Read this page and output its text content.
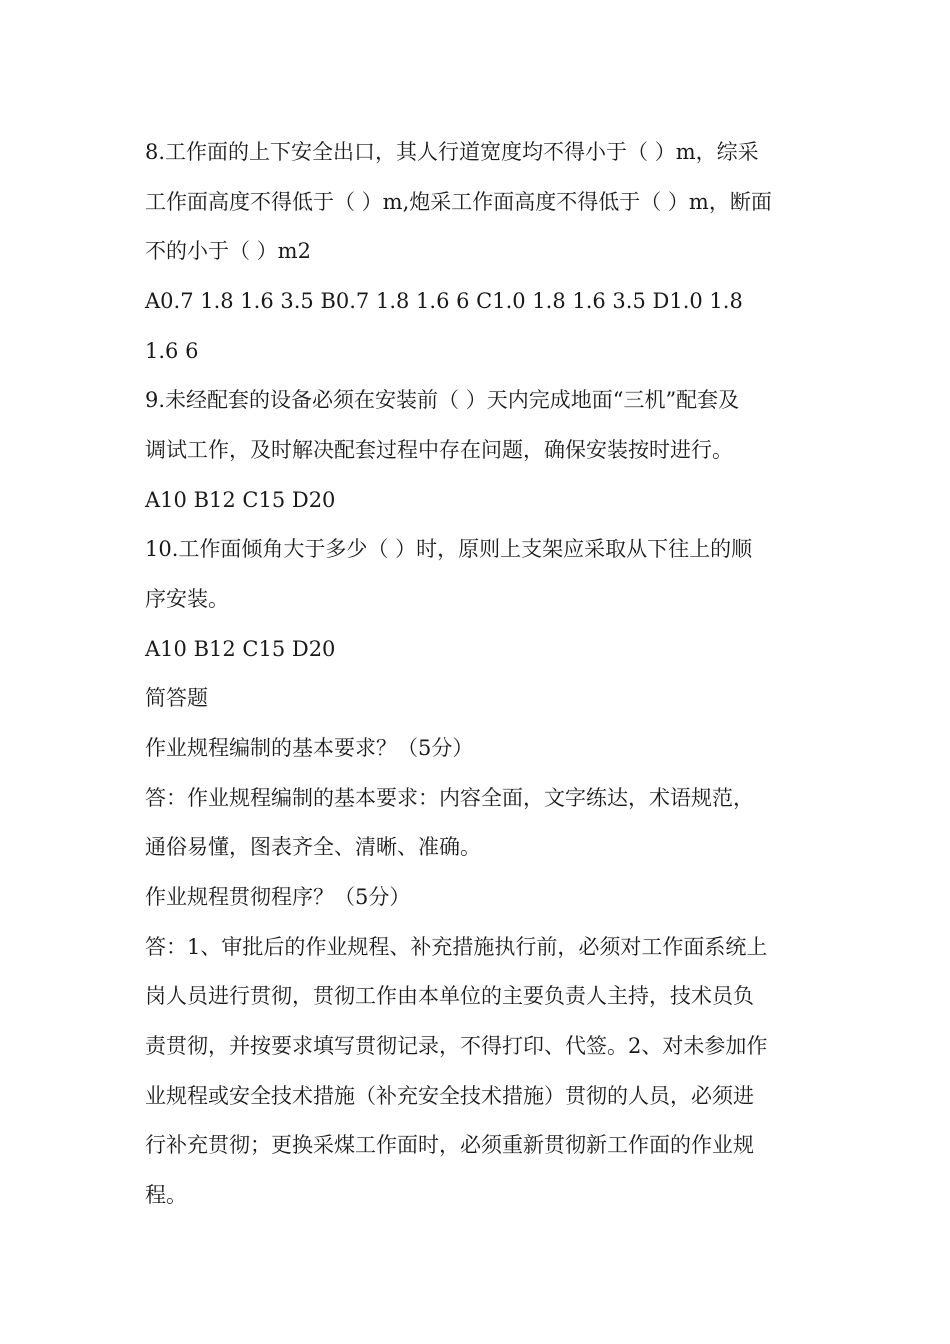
8.工作面的上下安全出口，其人行道宽度均不得小于（ ）m，综采
工作面高度不得低于（ ）m,炮采工作面高度不得低于（ ）m，断面
不的小于（ ）m2
A0.7 1.8 1.6 3.5 B0.7 1.8 1.6 6 C1.0 1.8 1.6 3.5 D1.0 1.8
1.6 6
9.未经配套的设备必须在安装前（ ）天内完成地面“三机”配套及
调试工作，及时解决配套过程中存在问题，确保安装按时进行。
A10 B12 C15 D20
10.工作面倾角大于多少（ ）时，原则上支架应采取从下往上的顺
序安装。
A10 B12 C15 D20
简答题
作业规程编制的基本要求？（5分）
答：作业规程编制的基本要求：内容全面，文字练达，术语规范，
通俗易懂，图表齐全、清晰、准确。
作业规程贯彻程序？（5分）
答：1、审批后的作业规程、补充措施执行前，必须对工作面系统上
岗人员进行贯彻，贯彻工作由本单位的主要负责人主持，技术员负
责贯彻，并按要求填写贯彻记录，不得打印、代签。2、对未参加作
业规程或安全技术措施（补充安全技术措施）贯彻的人员，必须进
行补充贯彻；更换采煤工作面时，必须重新贯彻新工作面的作业规
程。
